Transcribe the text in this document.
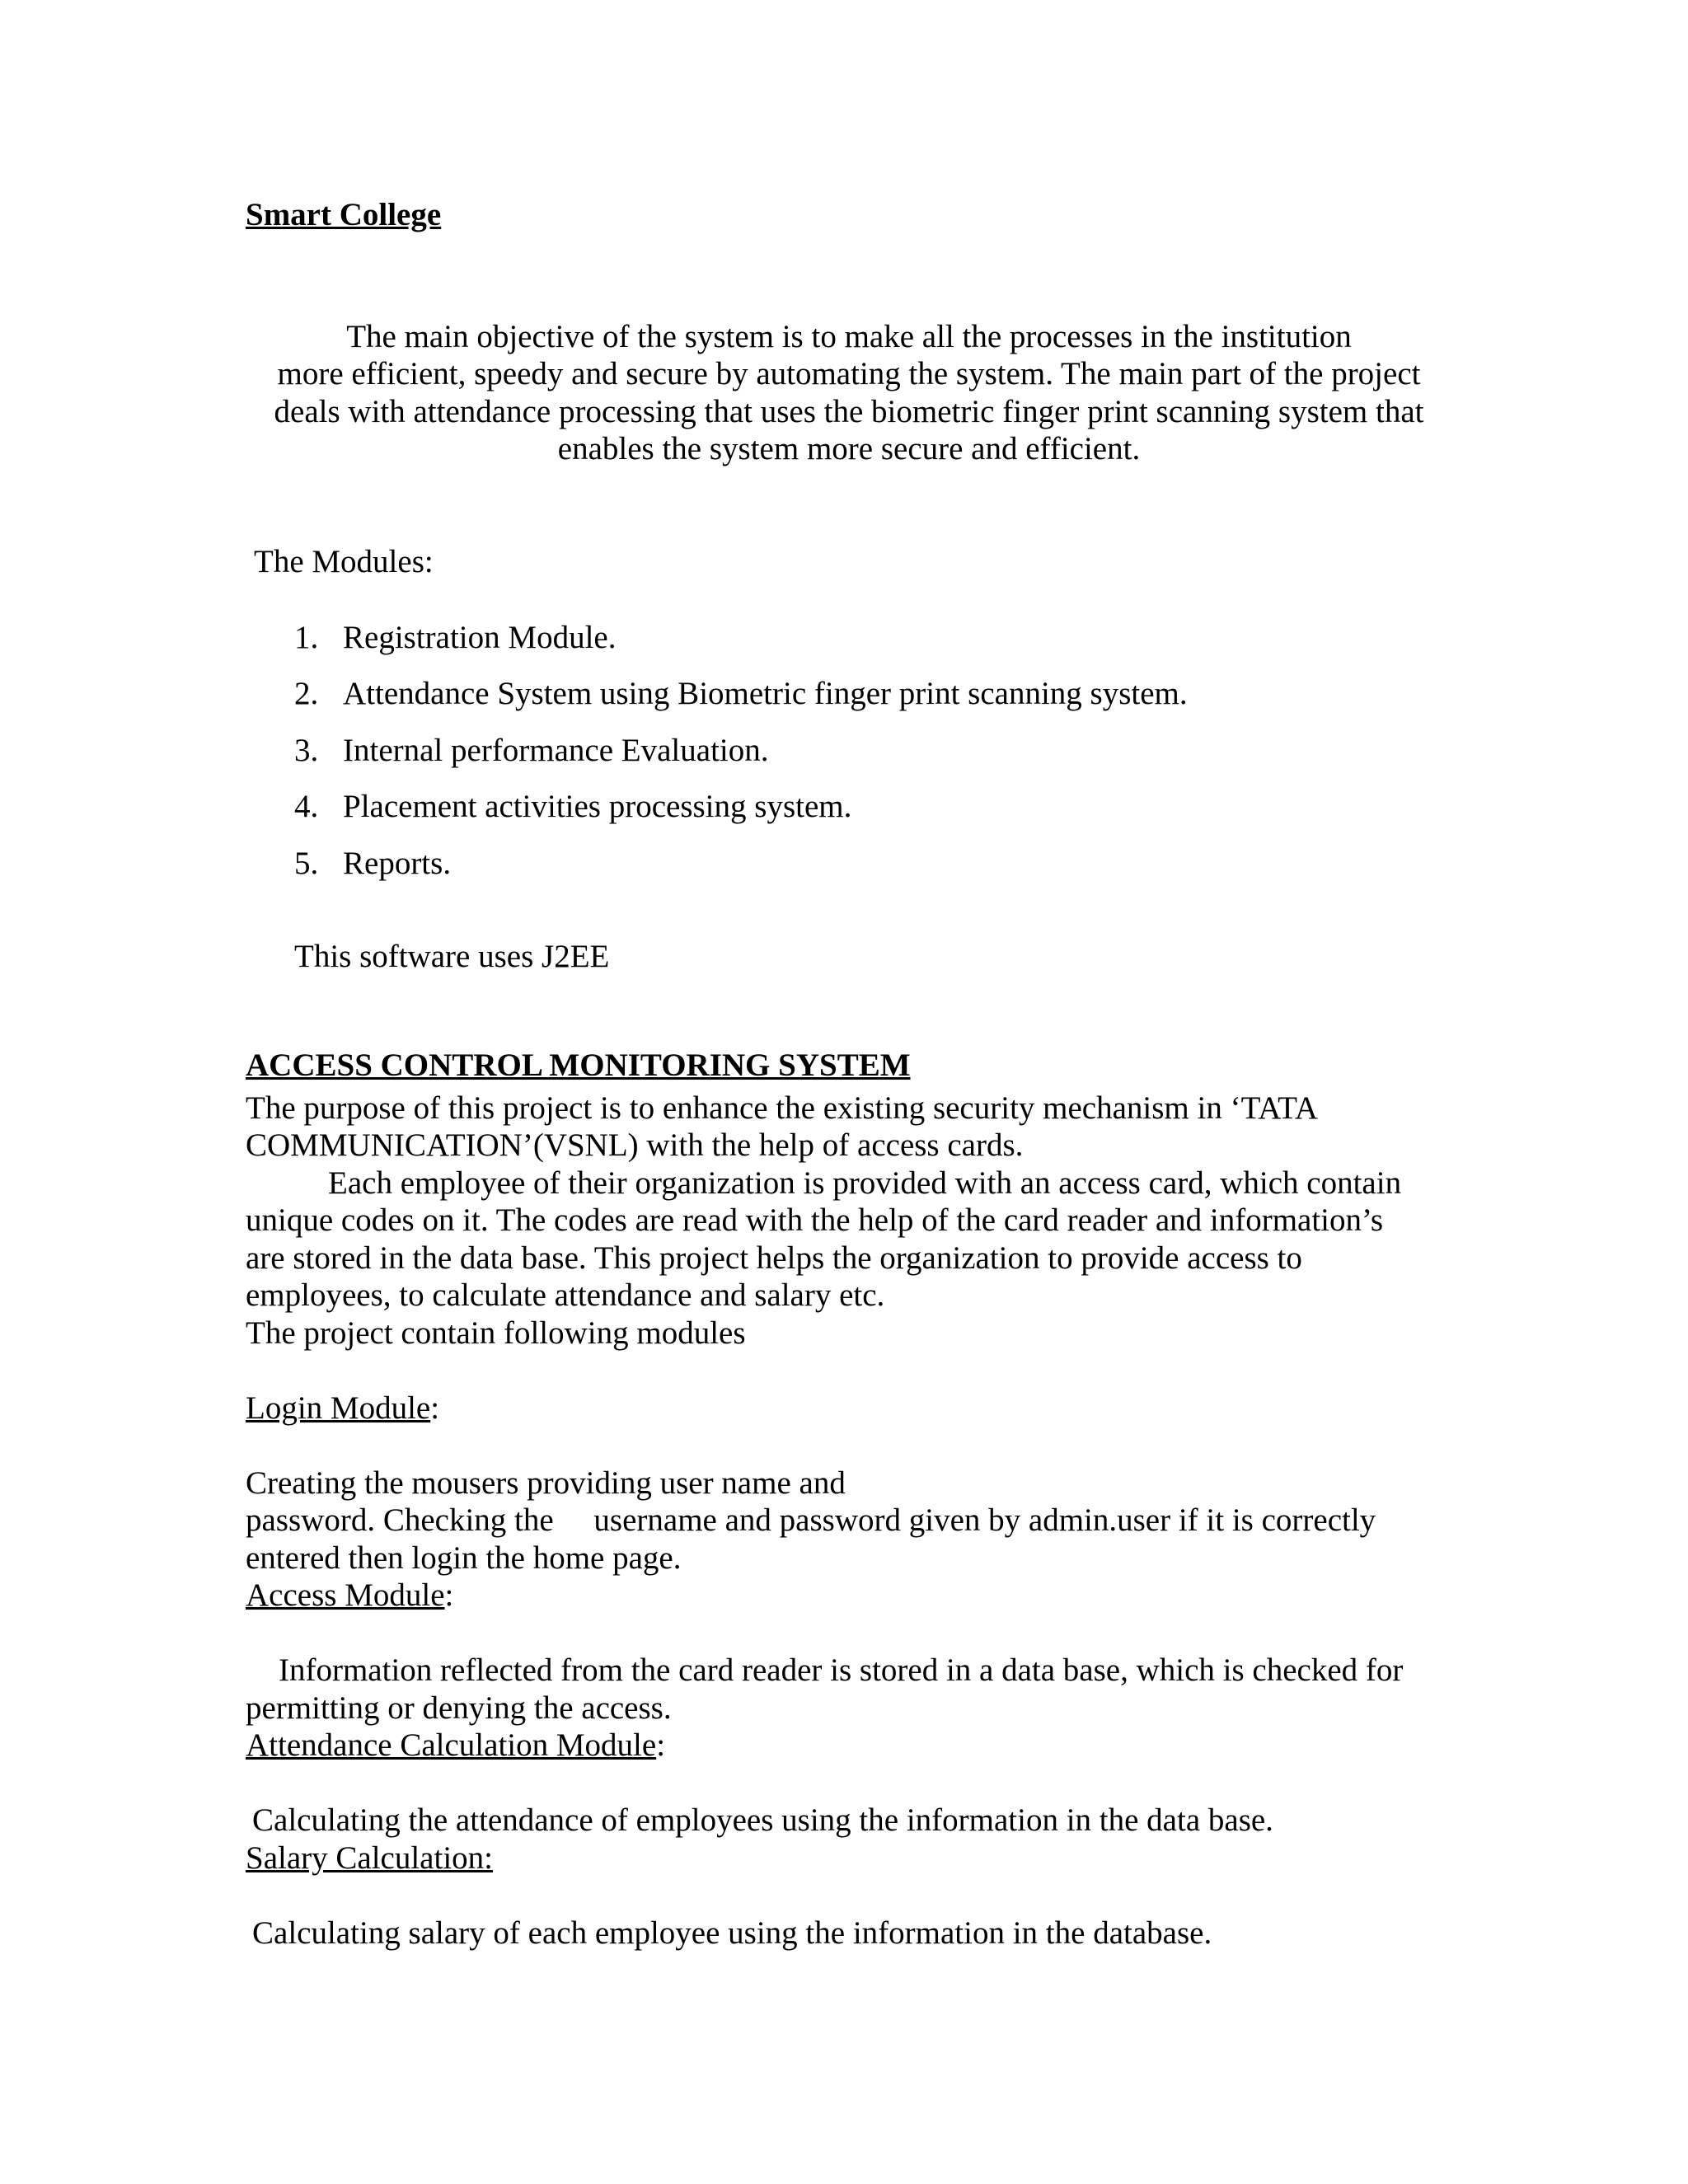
Smart College
The main objective of the system is to make all the processes in the institution
more efficient, speedy and secure by automating the system. The main part of the project
deals with attendance processing that uses the biometric finger print scanning system that
enables the system more secure and efficient.
The Modules:
1. Registration Module.
2. Attendance System using Biometric finger print scanning system.
3. Internal performance Evaluation.
4. Placement activities processing system.
5. Reports.
This software uses J2EE
ACCESS CONTROL MONITORING SYSTEM
The purpose of this project is to enhance the existing security mechanism in ‘TATA
COMMUNICATION’(VSNL) with the help of access cards.
Each employee of their organization is provided with an access card, which contain
unique codes on it. The codes are read with the help of the card reader and information’s
are stored in the data base. This project helps the organization to provide access to
employees, to calculate attendance and salary etc.
The project contain following modules
Login Module:
Creating the mousers providing user name and
password. Checking the     username and password given by admin.user if it is correctly
entered then login the home page.
Access Module:
Information reflected from the card reader is stored in a data base, which is checked for
permitting or denying the access.
Attendance Calculation Module:
Calculating the attendance of employees using the information in the data base.
Salary Calculation:
Calculating salary of each employee using the information in the database.
